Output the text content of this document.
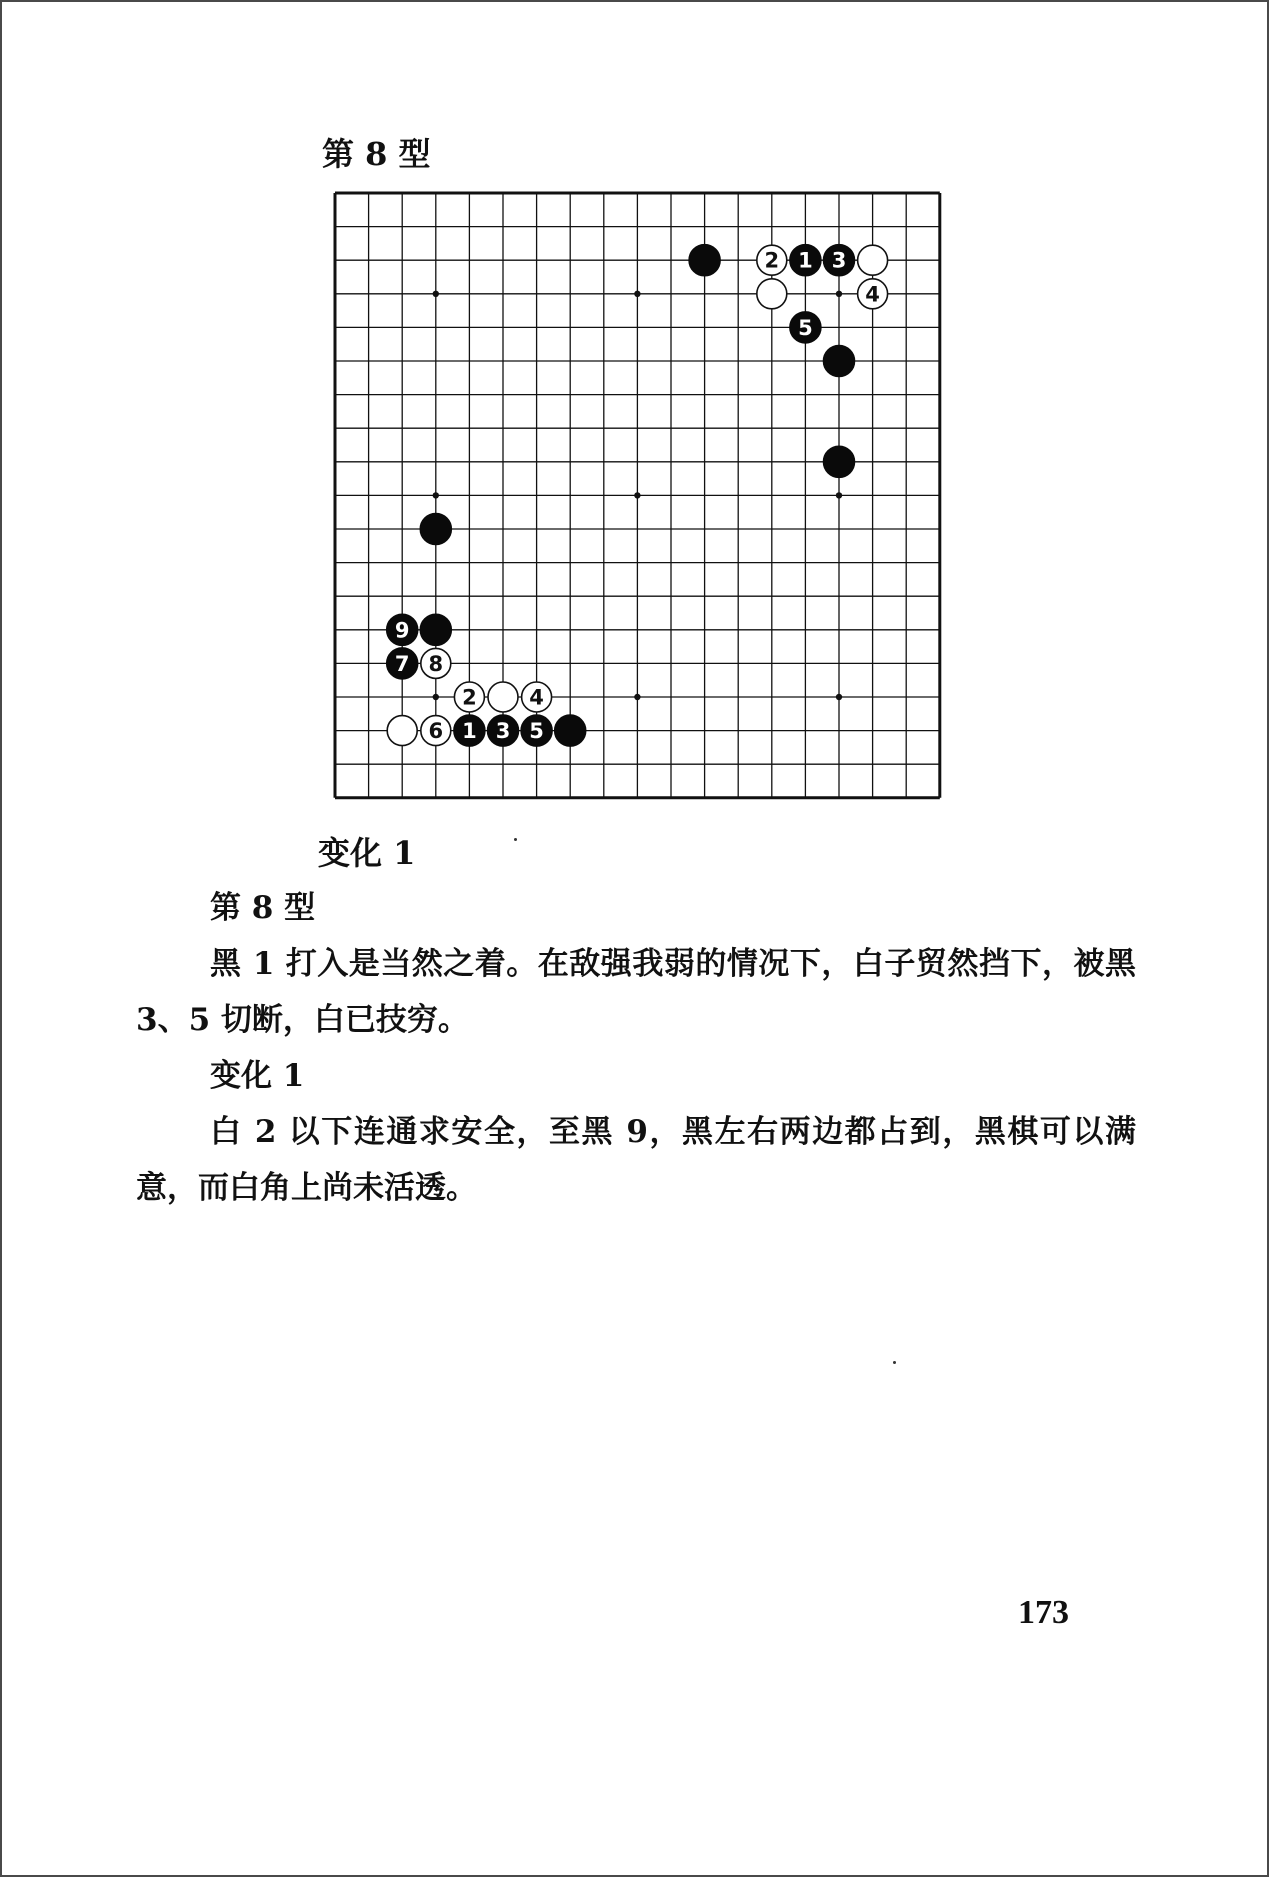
第 8 型
2 1 3
4
5
9
7 8
2	4
6 1 3 5
变化 1
第 8 型

黑 1 打入是当然之着。在敌强我弱的情况下，白子贸然挡下，被黑 3、5 切断，白已技穷。

变化 1

白 2 以下连通求安全，至黑 9，黑左右两边都占到，黑棋可以满意，而白角上尚未活透。

173
